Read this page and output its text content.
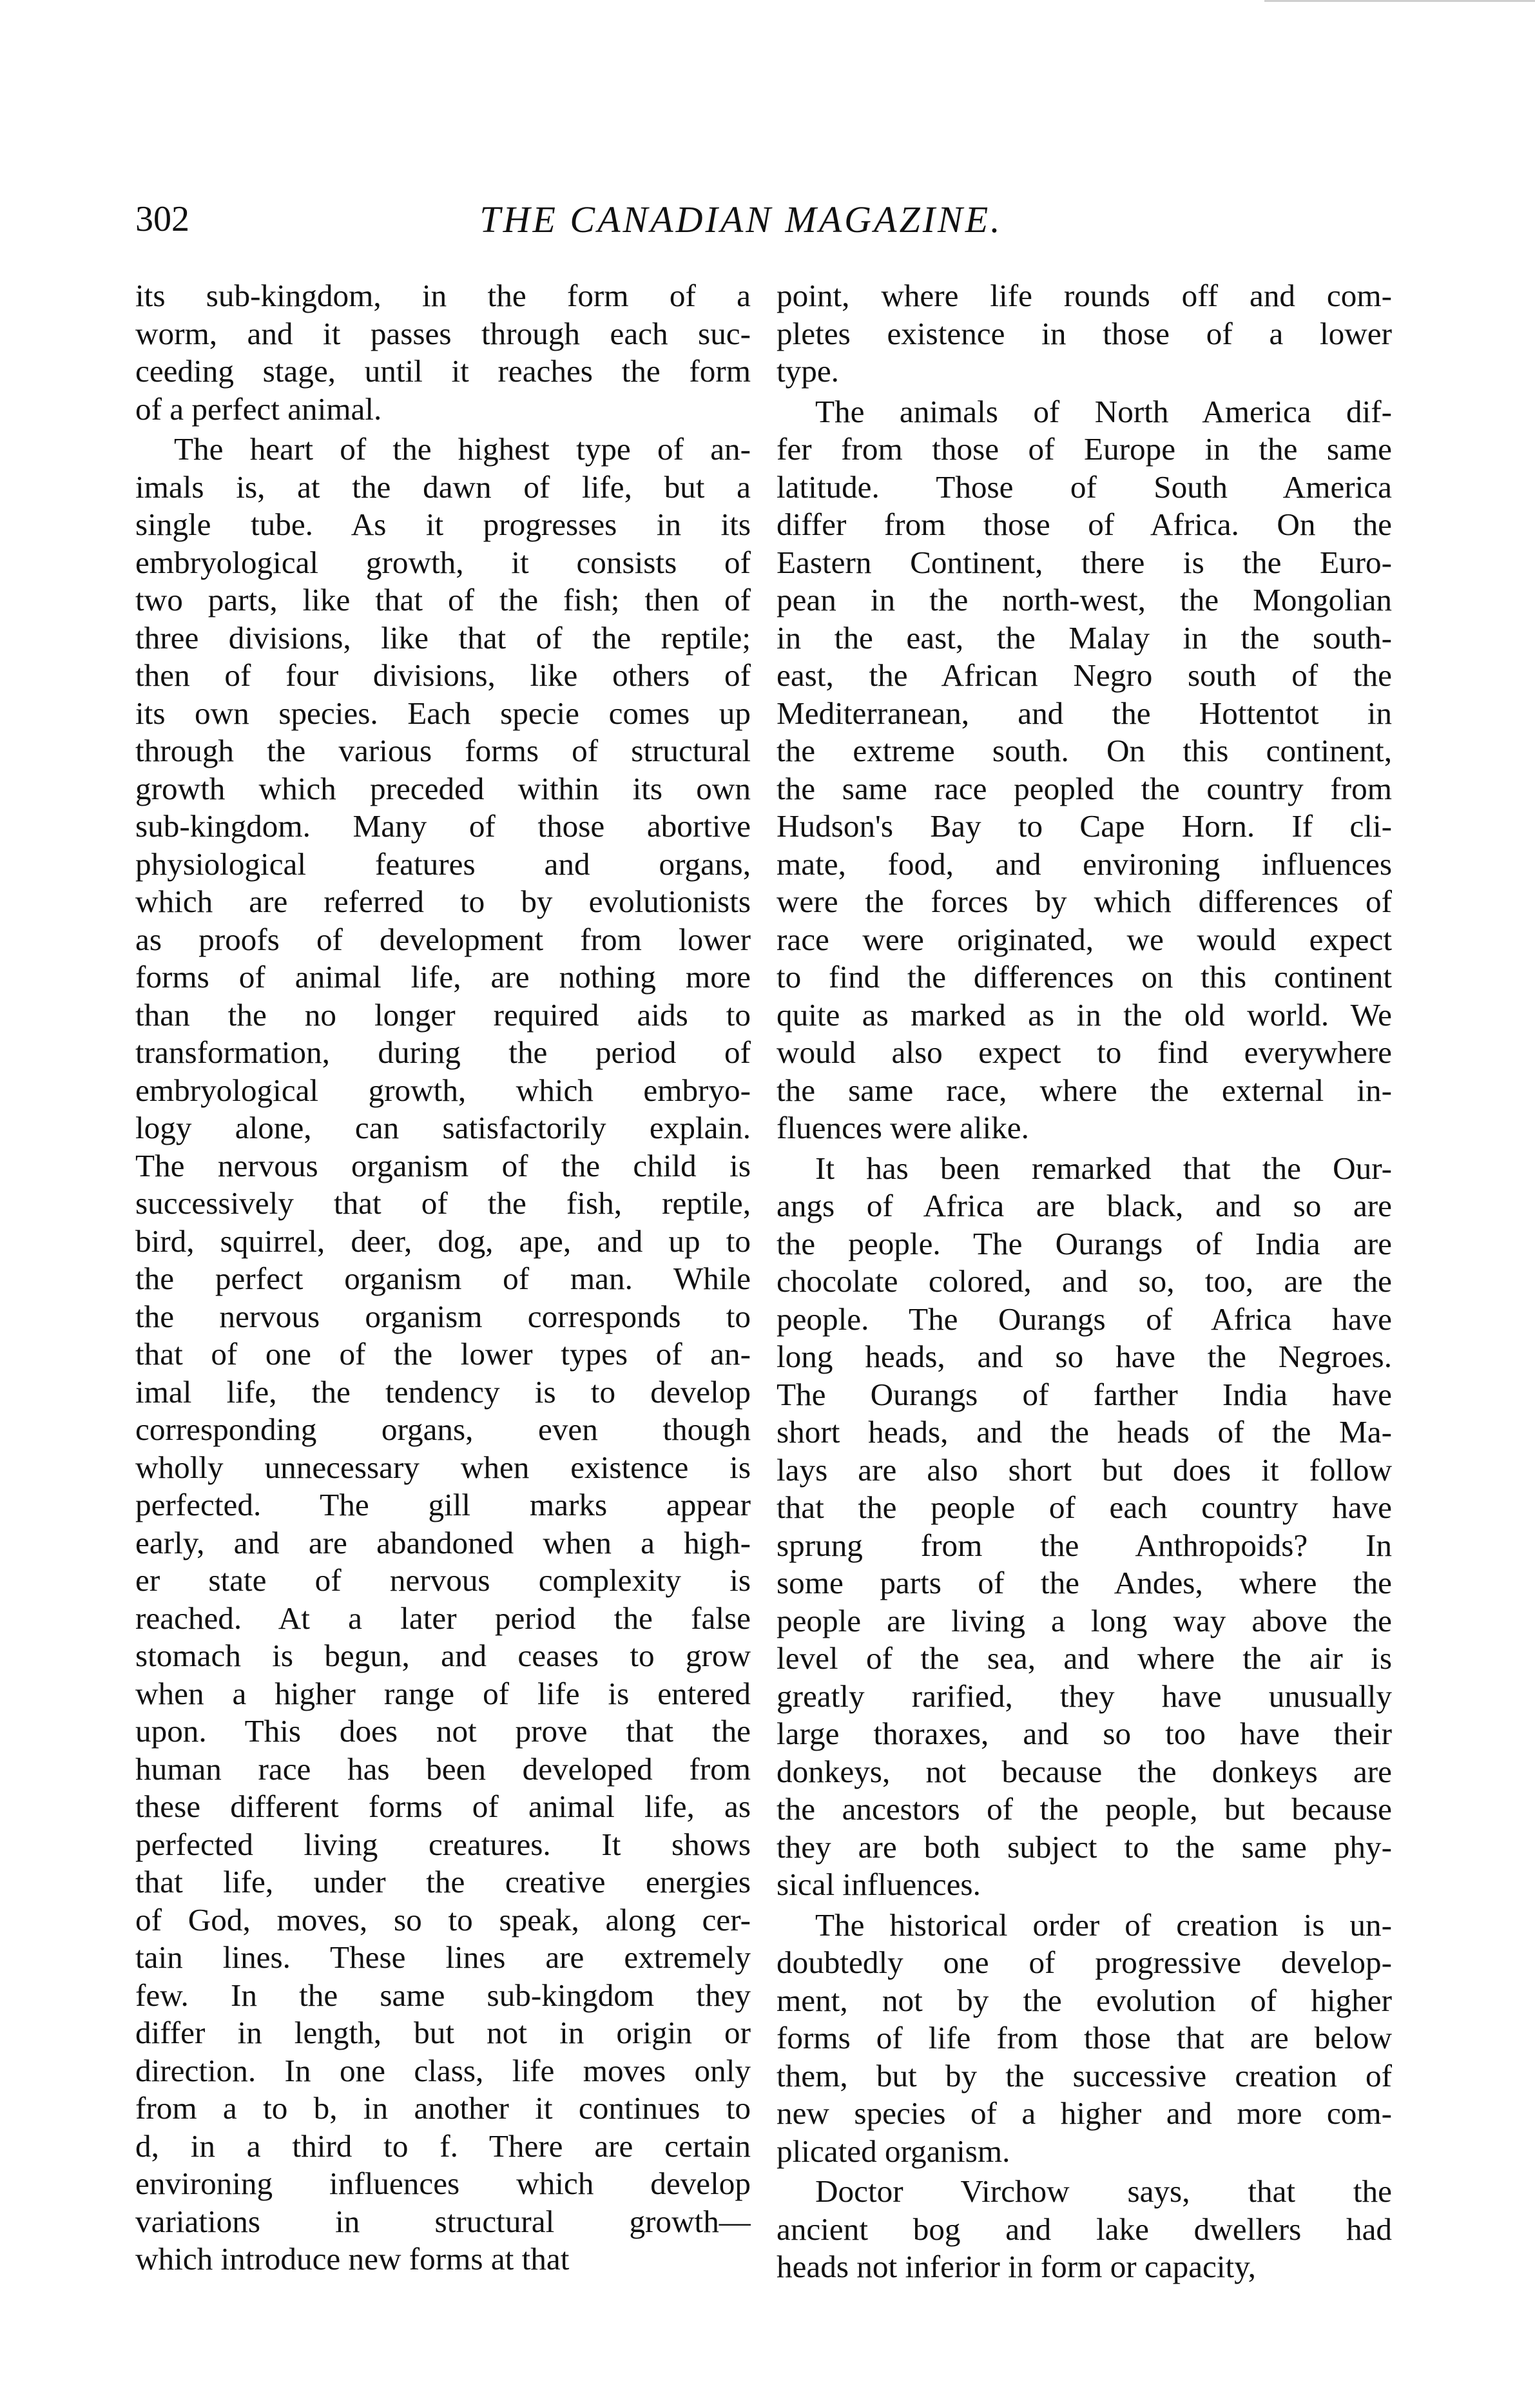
302	THE CANADIAN MAGAZINE.

its sub-kingdom, in the form of a
worm, and it passes through each suc-
ceeding stage, until it reaches the form
of a perfect animal.

The heart of the highest type of an-
imals is, at the dawn of life, but a
single tube. As it progresses in its
embryological growth, it consists of
two parts, like that of the fish; then of
three divisions, like that of the reptile;
then of four divisions, like others of
its own species. Each specie comes up
through the various forms of structural
growth which preceded within its own
sub-kingdom. Many of those abortive
physiological features and organs,
which are referred to by evolutionists
as proofs of development from lower
forms of animal life, are nothing more
than the no longer required aids to
transformation, during the period of
embryological growth, which embryo-
logy alone, can satisfactorily explain.
The nervous organism of the child is
successively that of the fish, reptile,
bird, squirrel, deer, dog, ape, and up to
the perfect organism of man. While
the nervous organism corresponds to
that of one of the lower types of an-
imal life, the tendency is to develop
corresponding organs, even though
wholly unnecessary when existence is
perfected. The gill marks appear
early, and are abandoned when a high-
er state of nervous complexity is
reached. At a later period the false
stomach is begun, and ceases to grow
when a higher range of life is entered
upon. This does not prove that the
human race has been developed from
these different forms of animal life, as
perfected living creatures. It shows
that life, under the creative energies
of God, moves, so to speak, along cer-
tain lines. These lines are extremely
few. In the same sub-kingdom they
differ in length, but not in origin or
direction. In one class, life moves only
from a to b, in another it continues to
d, in a third to f. There are certain
environing influences which develop
variations in structural growth—
which introduce new forms at that

point, where life rounds off and com-
pletes existence in those of a lower
type.

The animals of North America dif-
fer from those of Europe in the same
latitude. Those of South America
differ from those of Africa. On the
Eastern Continent, there is the Euro-
pean in the north-west, the Mongolian
in the east, the Malay in the south-
east, the African Negro south of the
Mediterranean, and the Hottentot in
the extreme south. On this continent,
the same race peopled the country from
Hudson's Bay to Cape Horn. If cli-
mate, food, and environing influences
were the forces by which differences of
race were originated, we would expect
to find the differences on this continent
quite as marked as in the old world. We
would also expect to find everywhere
the same race, where the external in-
fluences were alike.

It has been remarked that the Our-
angs of Africa are black, and so are
the people. The Ourangs of India are
chocolate colored, and so, too, are the
people. The Ourangs of Africa have
long heads, and so have the Negroes.
The Ourangs of farther India have
short heads, and the heads of the Ma-
lays are also short but does it follow
that the people of each country have
sprung from the Anthropoids? In
some parts of the Andes, where the
people are living a long way above the
level of the sea, and where the air is
greatly rarified, they have unusually
large thoraxes, and so too have their
donkeys, not because the donkeys are
the ancestors of the people, but because
they are both subject to the same phy-
sical influences.

The historical order of creation is un-
doubtedly one of progressive develop-
ment, not by the evolution of higher
forms of life from those that are below
them, but by the successive creation of
new species of a higher and more com-
plicated organism.

Doctor Virchow says, that the
ancient bog and lake dwellers had
heads not inferior in form or capacity,
